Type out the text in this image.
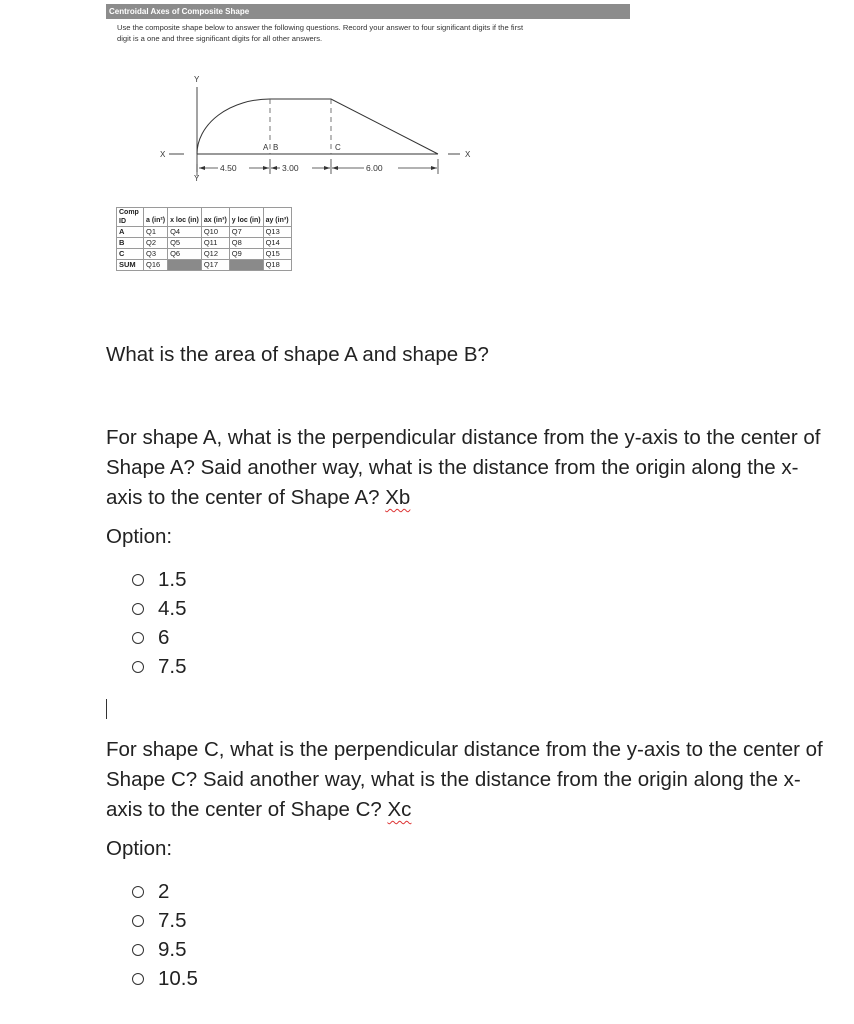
Centroidal Axes of Composite Shape
Use the composite shape below to answer the following questions. Record your answer to four significant digits if the first digit is a one and three significant digits for all other answers.
Y
Y
X	X
A B	C
4.50	3.00	6.00
Comp ID	a (in²)	x loc (in)	ax (in³)	y loc (in)	ay (in³)
A	Q1	Q4	Q10	Q7	Q13
B	Q2	Q5	Q11	Q8	Q14
C	Q3	Q6	Q12	Q9	Q15
SUM	Q16		Q17		Q18
What is the area of shape A and shape B?
For shape A, what is the perpendicular distance from the y-axis to the center of Shape A? Said another way, what is the distance from the origin along the x-axis to the center of Shape A? Xb
Option:
1.5
4.5
6
7.5
For shape C, what is the perpendicular distance from the y-axis to the center of Shape C? Said another way, what is the distance from the origin along the x-axis to the center of Shape C? Xc
Option:
2
7.5
9.5
10.5
